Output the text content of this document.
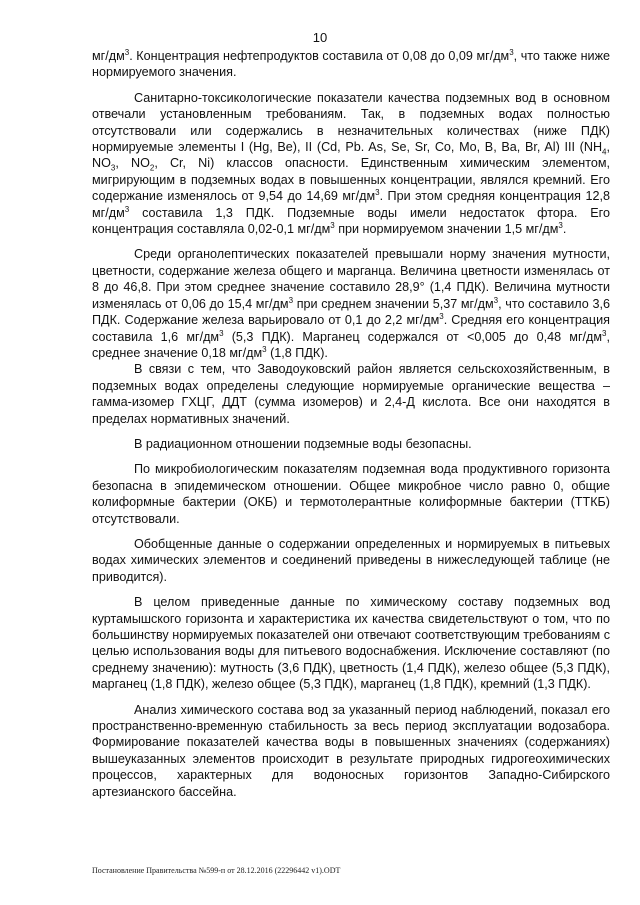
10

$мг/дм^3$. Концентрация нефтепродуктов составила от 0,08 до 0,09 $мг/дм^3$, что также ниже нормируемого значения.

Санитарно-токсикологические показатели качества подземных вод в основном отвечали установленным требованиям. Так, в подземных водах полностью отсутствовали или содержались в незначительных количествах (ниже ПДК) нормируемые элементы I (Hg, Be), II (Cd, Pb. As, Se, Sr, Co, Mo, B, Ba, Br, Al) III ($NH_4$, $NO_3$, $NO_2$, Cr, Ni) классов опасности. Единственным химическим элементом, мигрирующим в подземных водах в повышенных концентрации, являлся кремний. Его содержание изменялось от 9,54 до 14,69 $мг/дм^3$. При этом средняя концентрация 12,8 $мг/дм^3$ составила 1,3 ПДК. Подземные воды имели недостаток фтора. Его концентрация составляла 0,02-0,1 $мг/дм^3$ при нормируемом значении 1,5 $мг/дм^3$.

Среди органолептических показателей превышали норму значения мутности, цветности, содержание железа общего и марганца. Величина цветности изменялась от 8 до 46,8. При этом среднее значение составило 28,9° (1,4 ПДК). Величина мутности изменялась от 0,06 до 15,4 $мг/дм^3$ при среднем значении 5,37 $мг/дм^3$, что составило 3,6 ПДК. Содержание железа варьировало от 0,1 до 2,2 $мг/дм^3$. Средняя его концентрация составила 1,6 $мг/дм^3$ (5,3 ПДК). Марганец содержался от <0,005 до 0,48 $мг/дм^3$, среднее значение 0,18 $мг/дм^3$ (1,8 ПДК).

В связи с тем, что Заводоуковский район является сельскохозяйственным, в подземных водах определены следующие нормируемые органические вещества – гамма-изомер ГХЦГ, ДДТ (сумма изомеров) и 2,4-Д кислота. Все они находятся в пределах нормативных значений.

В радиационном отношении подземные воды безопасны.

По микробиологическим показателям подземная вода продуктивного горизонта безопасна в эпидемическом отношении. Общее микробное число равно 0, общие колиформные бактерии (ОКБ) и термотолерантные колиформные бактерии (ТТКБ) отсутствовали.

Обобщенные данные о содержании определенных и нормируемых в питьевых водах химических элементов и соединений приведены в нижеследующей таблице (не приводится).

В целом приведенные данные по химическому составу подземных вод куртамышского горизонта и характеристика их качества свидетельствуют о том, что по большинству нормируемых показателей они отвечают соответствующим требованиям с целью использования воды для питьевого водоснабжения. Исключение составляют (по среднему значению): мутность (3,6 ПДК), цветность (1,4 ПДК), железо общее (5,3 ПДК), марганец (1,8 ПДК), железо общее (5,3 ПДК), марганец (1,8 ПДК), кремний (1,3 ПДК).

Анализ химического состава вод за указанный период наблюдений, показал его пространственно-временную стабильность за весь период эксплуатации водозабора. Формирование показателей качества воды в повышенных значениях (содержаниях) вышеуказанных элементов происходит в результате природных гидрогеохимических процессов, характерных для водоносных горизонтов Западно-Сибирского артезианского бассейна.

Постановление Правительства №599-п от 28.12.2016 (22296442 v1).ODT
